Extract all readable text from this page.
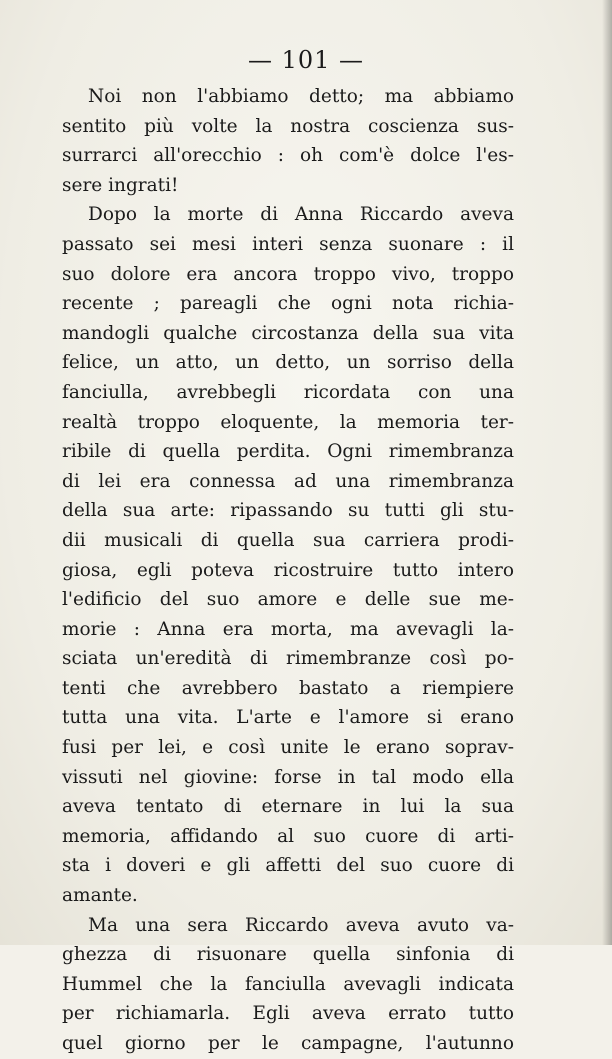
— 101 —
Noi non l'abbiamo detto; ma abbiamo
sentito più volte la nostra coscienza sus-
surrarci all'orecchio : oh com'è dolce l'es-
sere ingrati!
Dopo la morte di Anna Riccardo aveva
passato sei mesi interi senza suonare : il
suo dolore era ancora troppo vivo, troppo
recente ; pareagli che ogni nota richia-
mandogli qualche circostanza della sua vita
felice, un atto, un detto, un sorriso della
fanciulla, avrebbegli ricordata con una
realtà troppo eloquente, la memoria ter-
ribile di quella perdita. Ogni rimembranza
di lei era connessa ad una rimembranza
della sua arte: ripassando su tutti gli stu-
dii musicali di quella sua carriera prodi-
giosa, egli poteva ricostruire tutto intero
l'edificio del suo amore e delle sue me-
morie : Anna era morta, ma avevagli la-
sciata un'eredità di rimembranze così po-
tenti che avrebbero bastato a riempiere
tutta una vita. L'arte e l'amore si erano
fusi per lei, e così unite le erano soprav-
vissuti nel giovine: forse in tal modo ella
aveva tentato di eternare in lui la sua
memoria, affidando al suo cuore di arti-
sta i doveri e gli affetti del suo cuore di
amante.
Ma una sera Riccardo aveva avuto va-
ghezza di risuonare quella sinfonia di
Hummel che la fanciulla avevagli indicata
per richiamarla. Egli aveva errato tutto
quel giorno per le campagne, l'autunno
